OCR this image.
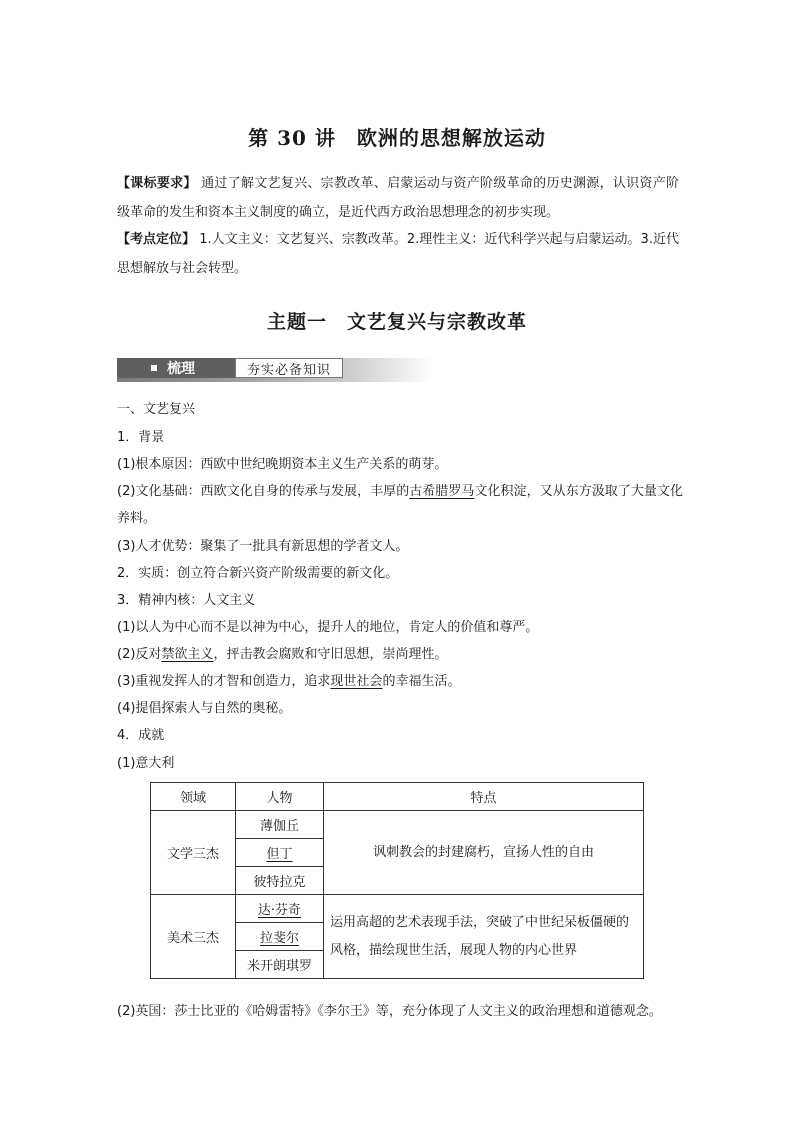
第 30 讲　欧洲的思想解放运动
【课标要求】 通过了解文艺复兴、宗教改革、启蒙运动与资产阶级革命的历史渊源，认识资产阶级革命的发生和资本主义制度的确立，是近代西方政治思想理念的初步实现。
【考点定位】 1.人文主义：文艺复兴、宗教改革。2.理性主义：近代科学兴起与启蒙运动。3.近代思想解放与社会转型。
主题一　文艺复兴与宗教改革
梳理	夯实必备知识
一、文艺复兴
1．背景
(1)根本原因：西欧中世纪晚期资本主义生产关系的萌芽。
(2)文化基础：西欧文化自身的传承与发展，丰厚的古希腊罗马文化积淀，又从东方汲取了大量文化养料。
(3)人才优势：聚集了一批具有新思想的学者文人。
2．实质：创立符合新兴资产阶级需要的新文化。
3．精神内核：人文主义
(1)以人为中心而不是以神为中心，提升人的地位，肯定人的价值和尊严。
(2)反对禁欲主义，抨击教会腐败和守旧思想，崇尚理性。
(3)重视发挥人的才智和创造力，追求现世社会的幸福生活。
(4)提倡探索人与自然的奥秘。
4．成就
(1)意大利
领域	人物	特点
文学三杰	薄伽丘	讽刺教会的封建腐朽，宣扬人性的自由
	但丁	
	彼特拉克	
美术三杰	达·芬奇	运用高超的艺术表现手法，突破了中世纪呆板僵硬的风格，描绘现世生活，展现人物的内心世界
	拉斐尔	
	米开朗琪罗	
(2)英国：莎士比亚的《哈姆雷特》《李尔王》等，充分体现了人文主义的政治理想和道德观念。
